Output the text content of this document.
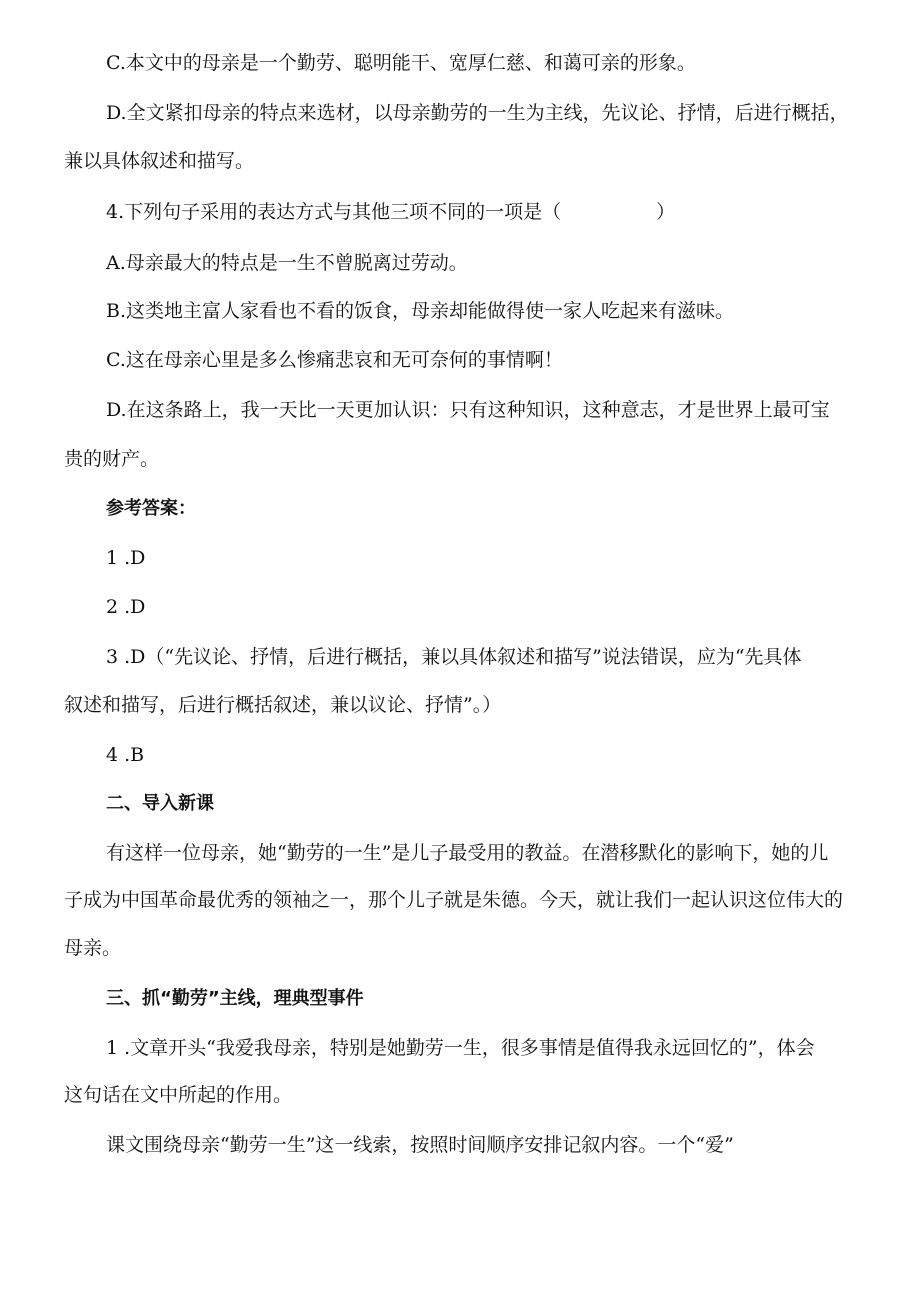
C.本文中的母亲是一个勤劳、聪明能干、宽厚仁慈、和蔼可亲的形象。
D.全文紧扣母亲的特点来选材，以母亲勤劳的一生为主线，先议论、抒情，后进行概括，
兼以具体叙述和描写。
4.下列句子采用的表达方式与其他三项不同的一项是（　　　　　）
A.母亲最大的特点是一生不曾脱离过劳动。
B.这类地主富人家看也不看的饭食，母亲却能做得使一家人吃起来有滋味。
C.这在母亲心里是多么惨痛悲哀和无可奈何的事情啊！
D.在这条路上，我一天比一天更加认识：只有这种知识，这种意志，才是世界上最可宝
贵的财产。
参考答案：
1 .D
2 .D
3 .D（“先议论、抒情，后进行概括，兼以具体叙述和描写”说法错误，应为“先具体
叙述和描写，后进行概括叙述，兼以议论、抒情”。）
4 .B
二、导入新课
有这样一位母亲，她“勤劳的一生”是儿子最受用的教益。在潜移默化的影响下，她的儿
子成为中国革命最优秀的领袖之一，那个儿子就是朱德。今天，就让我们一起认识这位伟大的
母亲。
三、抓“勤劳”主线，理典型事件
1 .文章开头“我爱我母亲，特别是她勤劳一生，很多事情是值得我永远回忆的”，体会
这句话在文中所起的作用。
课文围绕母亲“勤劳一生”这一线索，按照时间顺序安排记叙内容。一个“爱”
